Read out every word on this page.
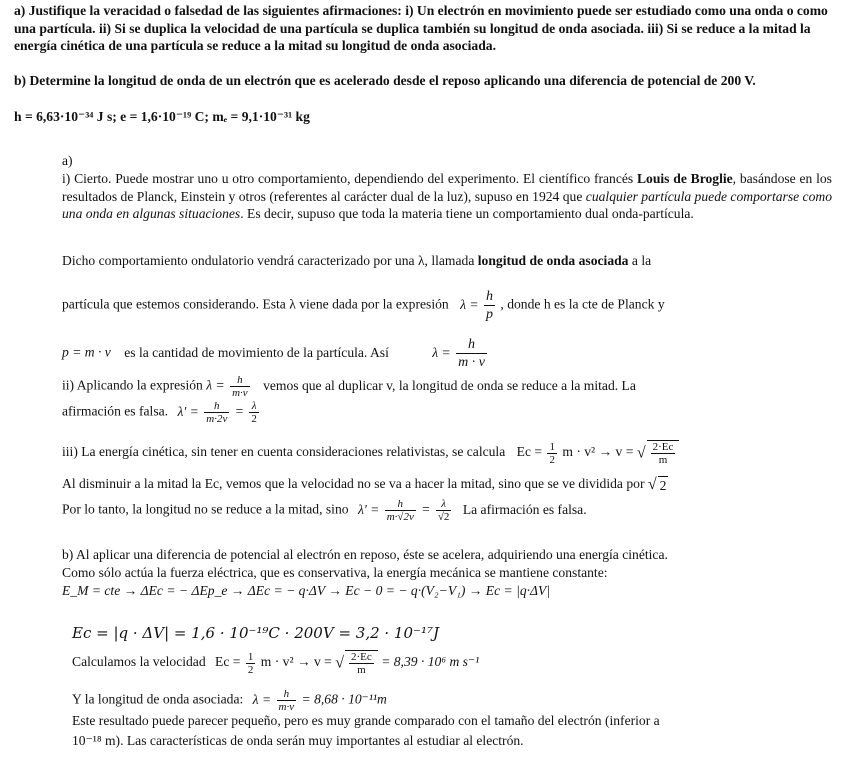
a) Justifique la veracidad o falsedad de las siguientes afirmaciones: i) Un electrón en movimiento puede ser estudiado como una onda o como una partícula. ii) Si se duplica la velocidad de una partícula se duplica también su longitud de onda asociada. iii) Si se reduce a la mitad la energía cinética de una partícula se reduce a la mitad su longitud de onda asociada.

b) Determine la longitud de onda de un electrón que es acelerado desde el reposo aplicando una diferencia de potencial de 200 V.

h = 6,63·10⁻³⁴ J s; e = 1,6·10⁻¹⁹ C; mₑ = 9,1·10⁻³¹ kg

a)

i) Cierto. Puede mostrar uno u otro comportamiento, dependiendo del experimento. El científico francés Louis de Broglie, basándose en los resultados de Planck, Einstein y otros (referentes al carácter dual de la luz), supuso en 1924 que cualquier partícula puede comportarse como una onda en algunas situaciones. Es decir, supuso que toda la materia tiene un comportamiento dual onda-partícula.

Dicho comportamiento ondulatorio vendrá caracterizado por una λ, llamada longitud de onda asociada a la

partícula que estemos considerando. Esta λ viene dada por la expresión $\lambda = \frac{h}{p}$ , donde h es la cte de Planck y

p = m · v es la cantidad de movimiento de la partícula. Así	$\lambda = \frac{h}{m \cdot v}$

ii) Aplicando la expresión $\lambda = \frac{h}{m\cdot v}$ vemos que al duplicar v, la longitud de onda se reduce a la mitad. La

afirmación es falsa. $\lambda' = \frac{h}{m\cdot 2v} = \frac{\lambda}{2}$

iii) La energía cinética, sin tener en cuenta consideraciones relativistas, se calcula $Ec = \frac{1}{2}$ m · v² → v = √ $\frac{2\cdot Ec}{m}$

Al disminuir a la mitad la Ec, vemos que la velocidad no se va a hacer la mitad, sino que se ve dividida por √ 2

Por lo tanto, la longitud no se reduce a la mitad, sino $\lambda' = \frac{h}{m\cdot√2v} = \frac{\lambda}{√2}$ La afirmación es falsa.

b) Al aplicar una diferencia de potencial al electrón en reposo, éste se acelera, adquiriendo una energía cinética.

Como sólo actúa la fuerza eléctrica, que es conservativa, la energía mecánica se mantiene constante:

E_M = cte → ΔEc = − ΔEp_e → ΔEc = − q·ΔV → Ec − 0 = − q·(V₂−V₁) → Ec = |q·ΔV|

Ec = |q · ΔV| = 1,6 · 10⁻¹⁹C · 200V = 3,2 · 10⁻¹⁷J

Calculamos la velocidad $Ec = \frac{1}{2}$ m · v² → v = √ $\frac{2\cdot Ec}{m} = 8,39 \cdot 10^6$ m s⁻¹

Y la longitud de onda asociada: $\lambda = \frac{h}{m\cdot v} = 8,68 \cdot 10^{-11}m$

Este resultado puede parecer pequeño, pero es muy grande comparado con el tamaño del electrón (inferior a

10⁻¹⁸ m). Las características de onda serán muy importantes al estudiar al electrón.
